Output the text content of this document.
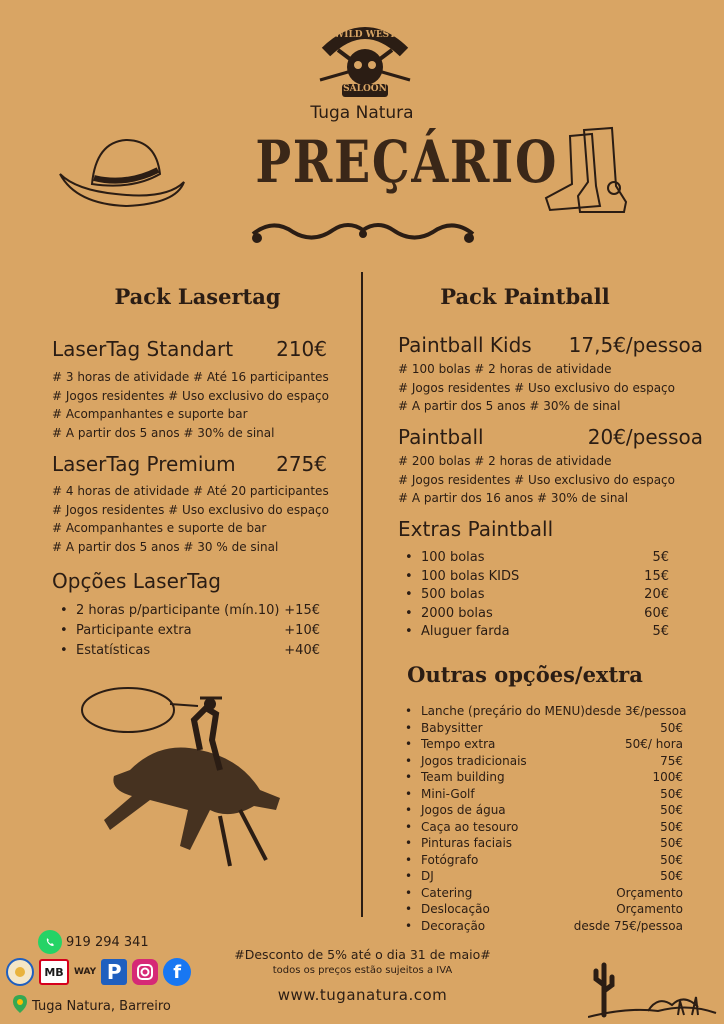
WILD WEST
SALOON
Tuga Natura
PREÇÁRIO
Pack Lasertag
LaserTag Standart 210€
# 3 horas de atividade # Até 16 participantes
# Jogos residentes # Uso exclusivo do espaço
# Acompanhantes e suporte bar
# A partir dos 5 anos # 30% de sinal
LaserTag Premium 275€
# 4 horas de atividade # Até 20 participantes
# Jogos residentes # Uso exclusivo do espaço
# Acompanhantes e suporte de bar
# A partir dos 5 anos # 30 % de sinal
Opções LaserTag
• 2 horas p/participante (mín.10) +15€
• Participante extra	+10€
• Estatísticas	+40€
Pack Paintball
Paintball Kids 17,5€/pessoa
# 100 bolas # 2 horas de atividade
# Jogos residentes # Uso exclusivo do espaço
# A partir dos 5 anos # 30% de sinal
Paintball	20€/pessoa
# 200 bolas # 2 horas de atividade
# Jogos residentes # Uso exclusivo do espaço
# A partir dos 16 anos # 30% de sinal
Extras Paintball
• 100 bolas	5€
• 100 bolas KIDS	15€
• 500 bolas	20€
• 2000 bolas	60€
• Aluguer farda	5€
Outras opções/extra
• Lanche (preçário do MENU) desde 3€/pessoa
• Babysitter	50€
• Tempo extra	50€/ hora
• Jogos tradicionais	75€
• Team building	100€
• Mini-Golf	50€
• Jogos de água	50€
• Caça ao tesouro	50€
• Pinturas faciais	50€
• Fotógrafo	50€
• DJ	50€
• Catering	Orçamento
• Deslocação	Orçamento
• Decoração	desde 75€/pessoa
919 294 341
MB	WAY P	f
Tuga Natura, Barreiro
#Desconto de 5% até o dia 31 de maio#
todos os preços estão sujeitos a IVA
www.tuganatura.com
